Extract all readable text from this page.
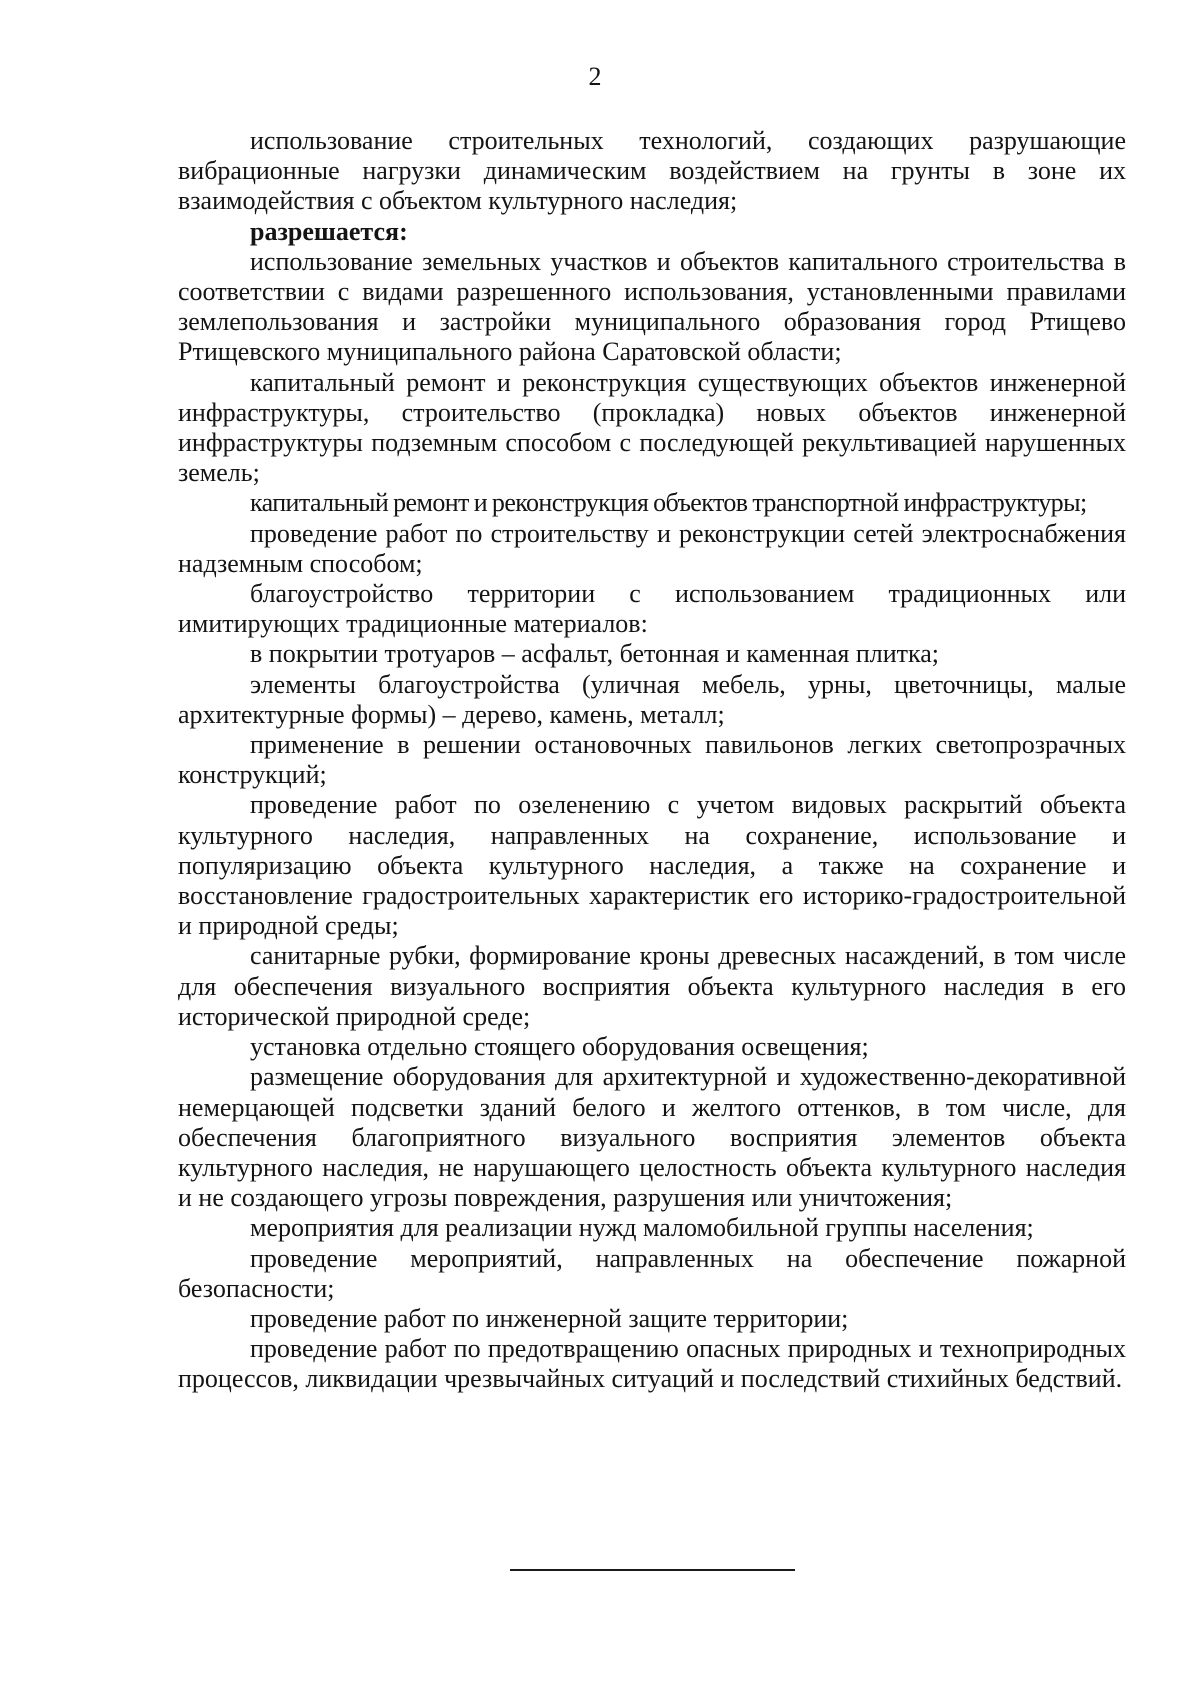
2

использование строительных технологий, создающих разрушающие вибрационные нагрузки динамическим воздействием на грунты в зоне их взаимодействия с объектом культурного наследия;

разрешается:

использование земельных участков и объектов капитального строительства в соответствии с видами разрешенного использования, установленными правилами землепользования и застройки муниципального образования город Ртищево Ртищевского муниципального района Саратовской области;

капитальный ремонт и реконструкция существующих объектов инженерной инфраструктуры, строительство (прокладка) новых объектов инженерной инфраструктуры подземным способом с последующей рекультивацией нарушенных земель;

капитальный ремонт и реконструкция объектов транспортной инфраструктуры;

проведение работ по строительству и реконструкции сетей электроснабжения надземным способом;

благоустройство территории с использованием традиционных или имитирующих традиционные материалов:

в покрытии тротуаров – асфальт, бетонная и каменная плитка;

элементы благоустройства (уличная мебель, урны, цветочницы, малые архитектурные формы) – дерево, камень, металл;

применение в решении остановочных павильонов легких светопрозрачных конструкций;

проведение работ по озеленению с учетом видовых раскрытий объекта культурного наследия, направленных на сохранение, использование и популяризацию объекта культурного наследия, а также на сохранение и восстановление градостроительных характеристик его историко-градостроительной и природной среды;

санитарные рубки, формирование кроны древесных насаждений, в том числе для обеспечения визуального восприятия объекта культурного наследия в его исторической природной среде;

установка отдельно стоящего оборудования освещения;

размещение оборудования для архитектурной и художественно-декоративной немерцающей подсветки зданий белого и желтого оттенков, в том числе, для обеспечения благоприятного визуального восприятия элементов объекта культурного наследия, не нарушающего целостность объекта культурного наследия и не создающего угрозы повреждения, разрушения или уничтожения;

мероприятия для реализации нужд маломобильной группы населения;

проведение мероприятий, направленных на обеспечение пожарной безопасности;

проведение работ по инженерной защите территории;

проведение работ по предотвращению опасных природных и техноприродных процессов, ликвидации чрезвычайных ситуаций и последствий стихийных бедствий.
